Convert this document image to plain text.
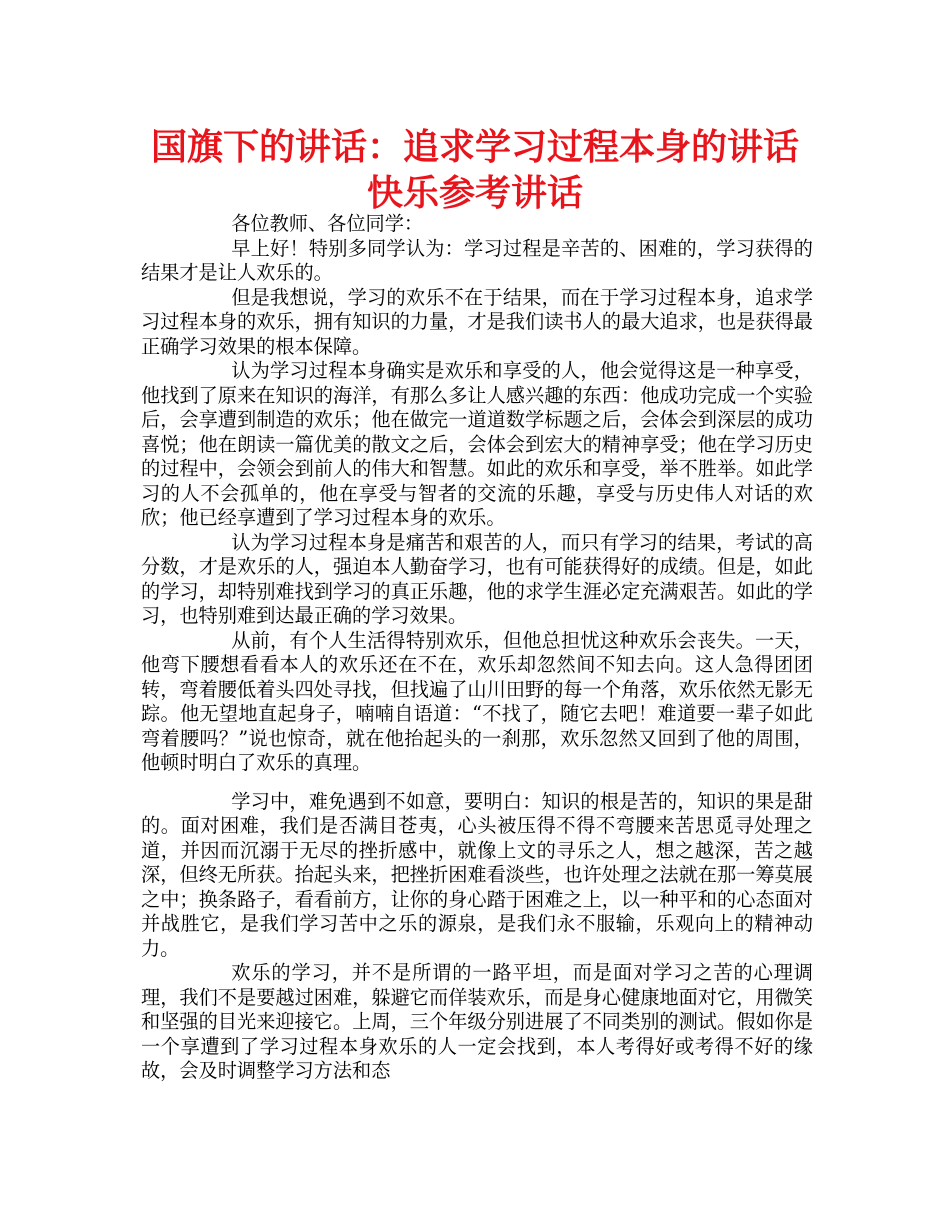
国旗下的讲话：追求学习过程本身的讲话
快乐参考讲话

各位教师、各位同学：

早上好！特别多同学认为：学习过程是辛苦的、困难的，学习获得的结果才是让人欢乐的。

但是我想说，学习的欢乐不在于结果，而在于学习过程本身，追求学习过程本身的欢乐，拥有知识的力量，才是我们读书人的最大追求，也是获得最正确学习效果的根本保障。

认为学习过程本身确实是欢乐和享受的人，他会觉得这是一种享受，他找到了原来在知识的海洋，有那么多让人感兴趣的东西：他成功完成一个实验后，会享遭到制造的欢乐；他在做完一道道数学标题之后，会体会到深层的成功喜悦；他在朗读一篇优美的散文之后，会体会到宏大的精神享受；他在学习历史的过程中，会领会到前人的伟大和智慧。如此的欢乐和享受，举不胜举。如此学习的人不会孤单的，他在享受与智者的交流的乐趣，享受与历史伟人对话的欢欣；他已经享遭到了学习过程本身的欢乐。

认为学习过程本身是痛苦和艰苦的人，而只有学习的结果，考试的高分数，才是欢乐的人，强迫本人勤奋学习，也有可能获得好的成绩。但是，如此的学习，却特别难找到学习的真正乐趣，他的求学生涯必定充满艰苦。如此的学习，也特别难到达最正确的学习效果。

从前，有个人生活得特别欢乐，但他总担忧这种欢乐会丧失。一天，他弯下腰想看看本人的欢乐还在不在，欢乐却忽然间不知去向。这人急得团团转，弯着腰低着头四处寻找，但找遍了山川田野的每一个角落，欢乐依然无影无踪。他无望地直起身子，喃喃自语道：“不找了，随它去吧！难道要一辈子如此弯着腰吗？”说也惊奇，就在他抬起头的一刹那，欢乐忽然又回到了他的周围，他顿时明白了欢乐的真理。

学习中，难免遇到不如意，要明白：知识的根是苦的，知识的果是甜的。面对困难，我们是否满目苍夷，心头被压得不得不弯腰来苦思觅寻处理之道，并因而沉溺于无尽的挫折感中，就像上文的寻乐之人，想之越深，苦之越深，但终无所获。抬起头来，把挫折困难看淡些，也许处理之法就在那一筹莫展之中；换条路子，看看前方，让你的身心踏于困难之上，以一种平和的心态面对并战胜它，是我们学习苦中之乐的源泉，是我们永不服输，乐观向上的精神动力。

欢乐的学习，并不是所谓的一路平坦，而是面对学习之苦的心理调理，我们不是要越过困难，躲避它而佯装欢乐，而是身心健康地面对它，用微笑和坚强的目光来迎接它。上周，三个年级分别进展了不同类别的测试。假如你是一个享遭到了学习过程本身欢乐的人一定会找到，本人考得好或考得不好的缘故，会及时调整学习方法和态
